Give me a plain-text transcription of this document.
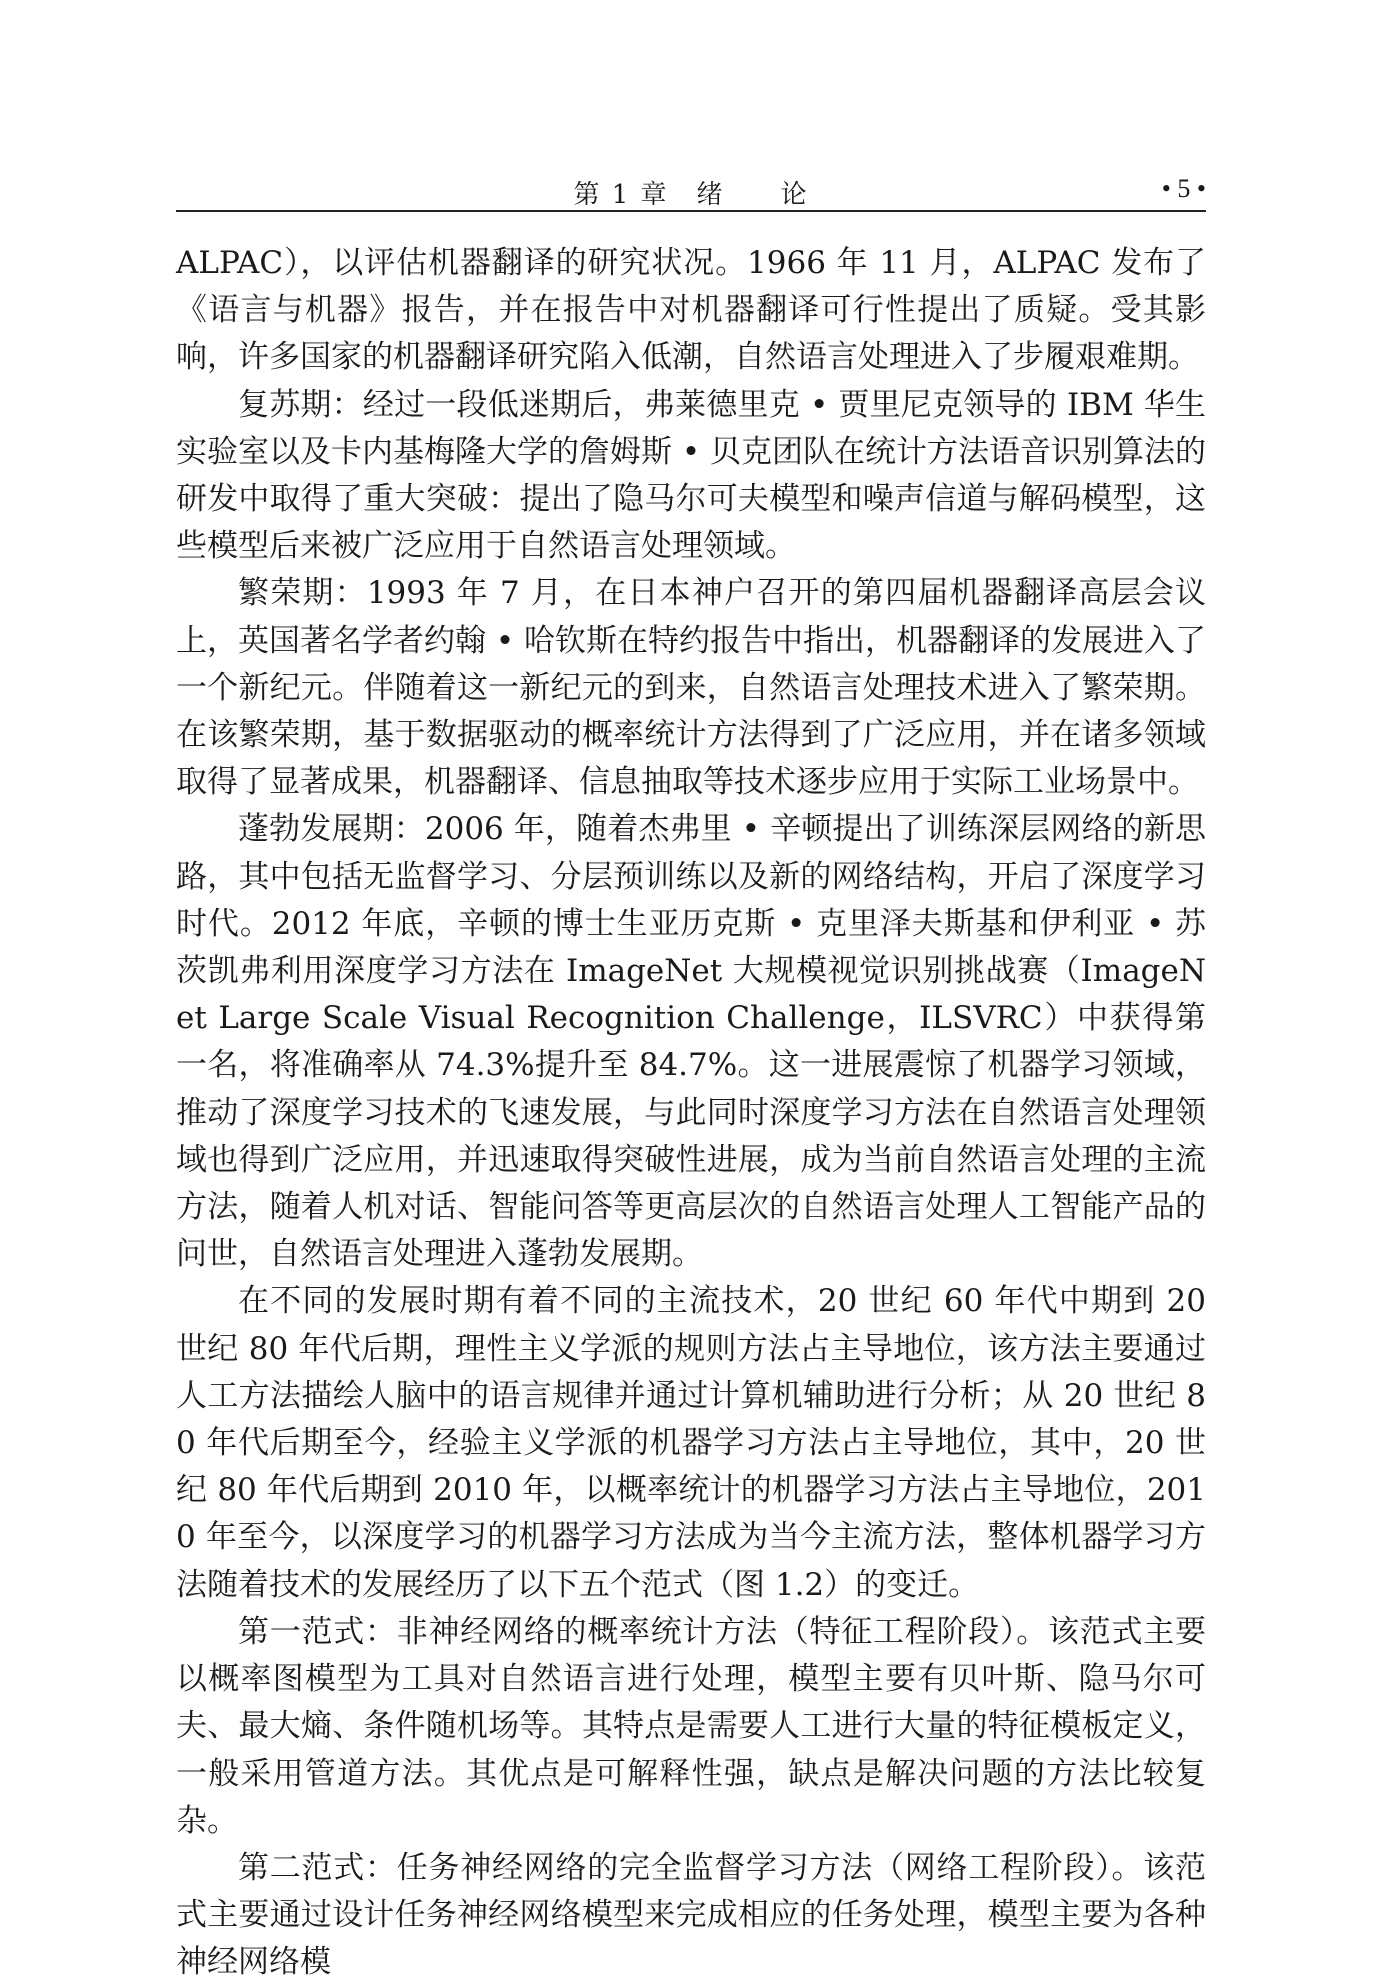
第 1 章　绪　　论	• 5 •

ALPAC），以评估机器翻译的研究状况。1966 年 11 月，ALPAC 发布了《语言与机器》报告，并在报告中对机器翻译可行性提出了质疑。受其影响，许多国家的机器翻译研究陷入低潮，自然语言处理进入了步履艰难期。

复苏期：经过一段低迷期后，弗莱德里克 • 贾里尼克领导的 IBM 华生实验室以及卡内基梅隆大学的詹姆斯 • 贝克团队在统计方法语音识别算法的研发中取得了重大突破：提出了隐马尔可夫模型和噪声信道与解码模型，这些模型后来被广泛应用于自然语言处理领域。

繁荣期：1993 年 7 月，在日本神户召开的第四届机器翻译高层会议上，英国著名学者约翰 • 哈钦斯在特约报告中指出，机器翻译的发展进入了一个新纪元。伴随着这一新纪元的到来，自然语言处理技术进入了繁荣期。在该繁荣期，基于数据驱动的概率统计方法得到了广泛应用，并在诸多领域取得了显著成果，机器翻译、信息抽取等技术逐步应用于实际工业场景中。

蓬勃发展期：2006 年，随着杰弗里 • 辛顿提出了训练深层网络的新思路，其中包括无监督学习、分层预训练以及新的网络结构，开启了深度学习时代。2012 年底，辛顿的博士生亚历克斯 • 克里泽夫斯基和伊利亚 • 苏茨凯弗利用深度学习方法在 ImageNet 大规模视觉识别挑战赛（ImageNet Large Scale Visual Recognition Challenge，ILSVRC）中获得第一名，将准确率从 74.3%提升至 84.7%。这一进展震惊了机器学习领域，推动了深度学习技术的飞速发展，与此同时深度学习方法在自然语言处理领域也得到广泛应用，并迅速取得突破性进展，成为当前自然语言处理的主流方法，随着人机对话、智能问答等更高层次的自然语言处理人工智能产品的问世，自然语言处理进入蓬勃发展期。

在不同的发展时期有着不同的主流技术，20 世纪 60 年代中期到 20 世纪 80 年代后期，理性主义学派的规则方法占主导地位，该方法主要通过人工方法描绘人脑中的语言规律并通过计算机辅助进行分析；从 20 世纪 80 年代后期至今，经验主义学派的机器学习方法占主导地位，其中，20 世纪 80 年代后期到 2010 年，以概率统计的机器学习方法占主导地位，2010 年至今，以深度学习的机器学习方法成为当今主流方法，整体机器学习方法随着技术的发展经历了以下五个范式（图 1.2）的变迁。

第一范式：非神经网络的概率统计方法（特征工程阶段）。该范式主要以概率图模型为工具对自然语言进行处理，模型主要有贝叶斯、隐马尔可夫、最大熵、条件随机场等。其特点是需要人工进行大量的特征模板定义，一般采用管道方法。其优点是可解释性强，缺点是解决问题的方法比较复杂。

第二范式：任务神经网络的完全监督学习方法（网络工程阶段）。该范式主要通过设计任务神经网络模型来完成相应的任务处理，模型主要为各种神经网络模
